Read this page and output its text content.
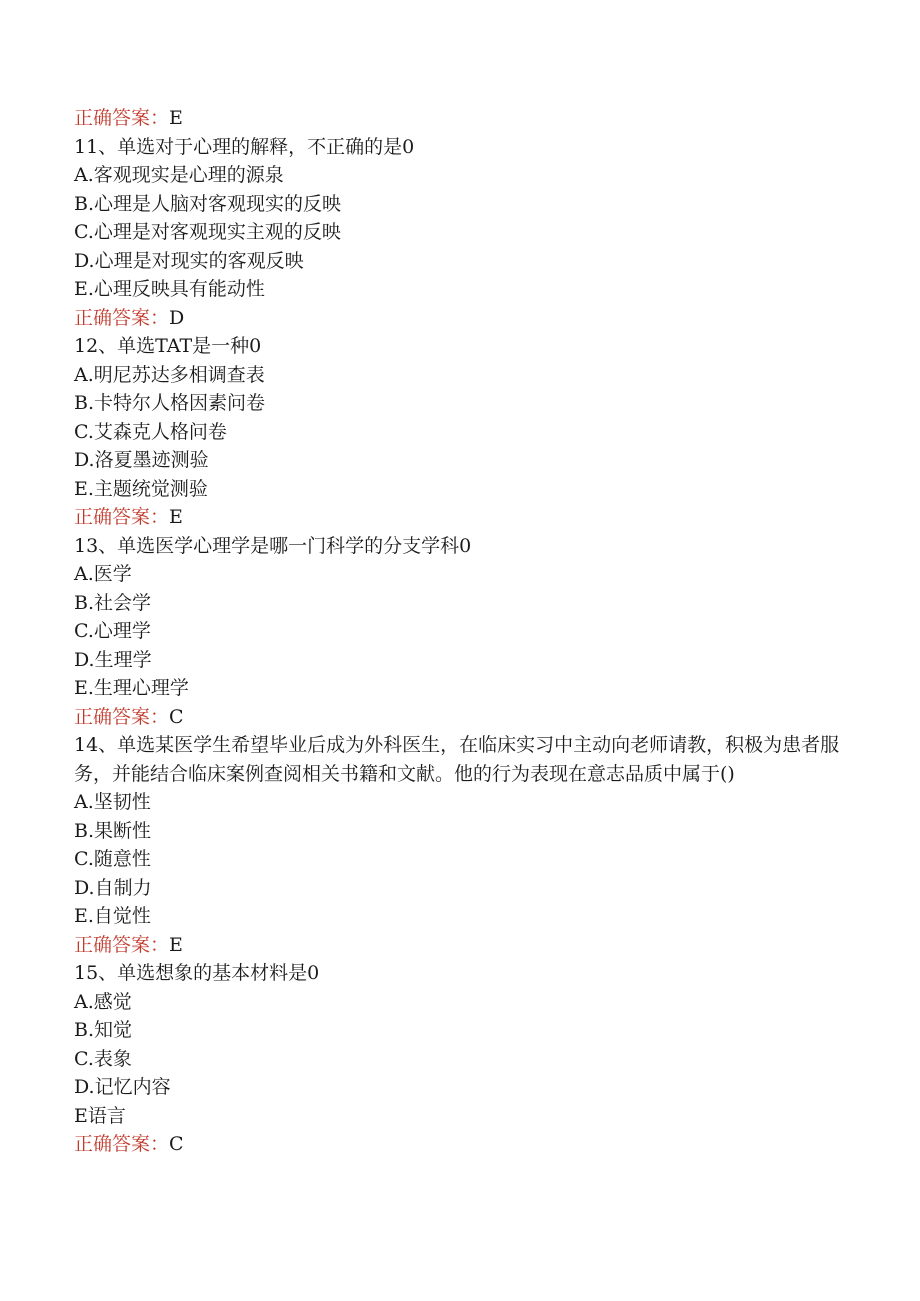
正确答案：E
11、单选对于心理的解释，不正确的是0
A.客观现实是心理的源泉
B.心理是人脑对客观现实的反映
C.心理是对客观现实主观的反映
D.心理是对现实的客观反映
E.心理反映具有能动性
正确答案：D
12、单选TAT是一种0
A.明尼苏达多相调查表
B.卡特尔人格因素问卷
C.艾森克人格问卷
D.洛夏墨迹测验
E.主题统觉测验
正确答案：E
13、单选医学心理学是哪一门科学的分支学科0
A.医学
B.社会学
C.心理学
D.生理学
E.生理心理学
正确答案：C
14、单选某医学生希望毕业后成为外科医生，在临床实习中主动向老师请教，积极为患者服务，并能结合临床案例查阅相关书籍和文献。他的行为表现在意志品质中属于()
A.坚韧性
B.果断性
C.随意性
D.自制力
E.自觉性
正确答案：E
15、单选想象的基本材料是0
A.感觉
B.知觉
C.表象
D.记忆内容
E语言
正确答案：C
